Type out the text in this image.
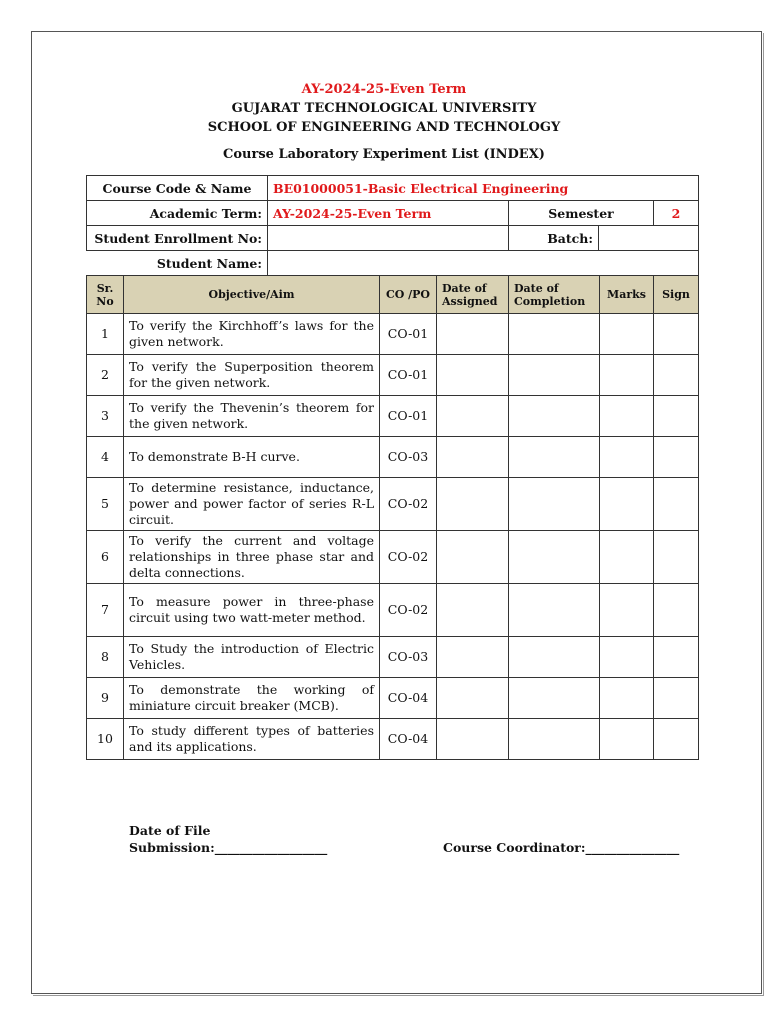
AY-2024-25-Even Term
GUJARAT TECHNOLOGICAL UNIVERSITY
SCHOOL OF ENGINEERING AND TECHNOLOGY
Course Laboratory Experiment List (INDEX)
Course Code & Name	BE01000051-Basic Electrical Engineering			
Academic Term:	AY-2024-25-Even Term	Semester		2
Student Enrollment No:		Batch:		
Student Name:				
Sr. No	Objective/Aim	CO /PO	Date of Assigned	Date of Completion	Marks	Sign
1	To verify the Kirchhoff’s laws for the given network.	CO-01				
2	To verify the Superposition theorem for the given network.	CO-01				
3	To verify the Thevenin’s theorem for the given network.	CO-01				
4	To demonstrate B-H curve.	CO-03				
5	To determine resistance, inductance, power and power factor of series R-L circuit.	CO-02				
6	To verify the current and voltage relationships in three phase star and delta connections.	CO-02				
7	To measure power in three-phase circuit using two watt-meter method.	CO-02				
8	To Study the introduction of Electric Vehicles.	CO-03				
9	To demonstrate the working of miniature circuit breaker (MCB).	CO-04				
10	To study different types of batteries and its applications.	CO-04				
Date of File
Submission:__________________	Course Coordinator:_______________
